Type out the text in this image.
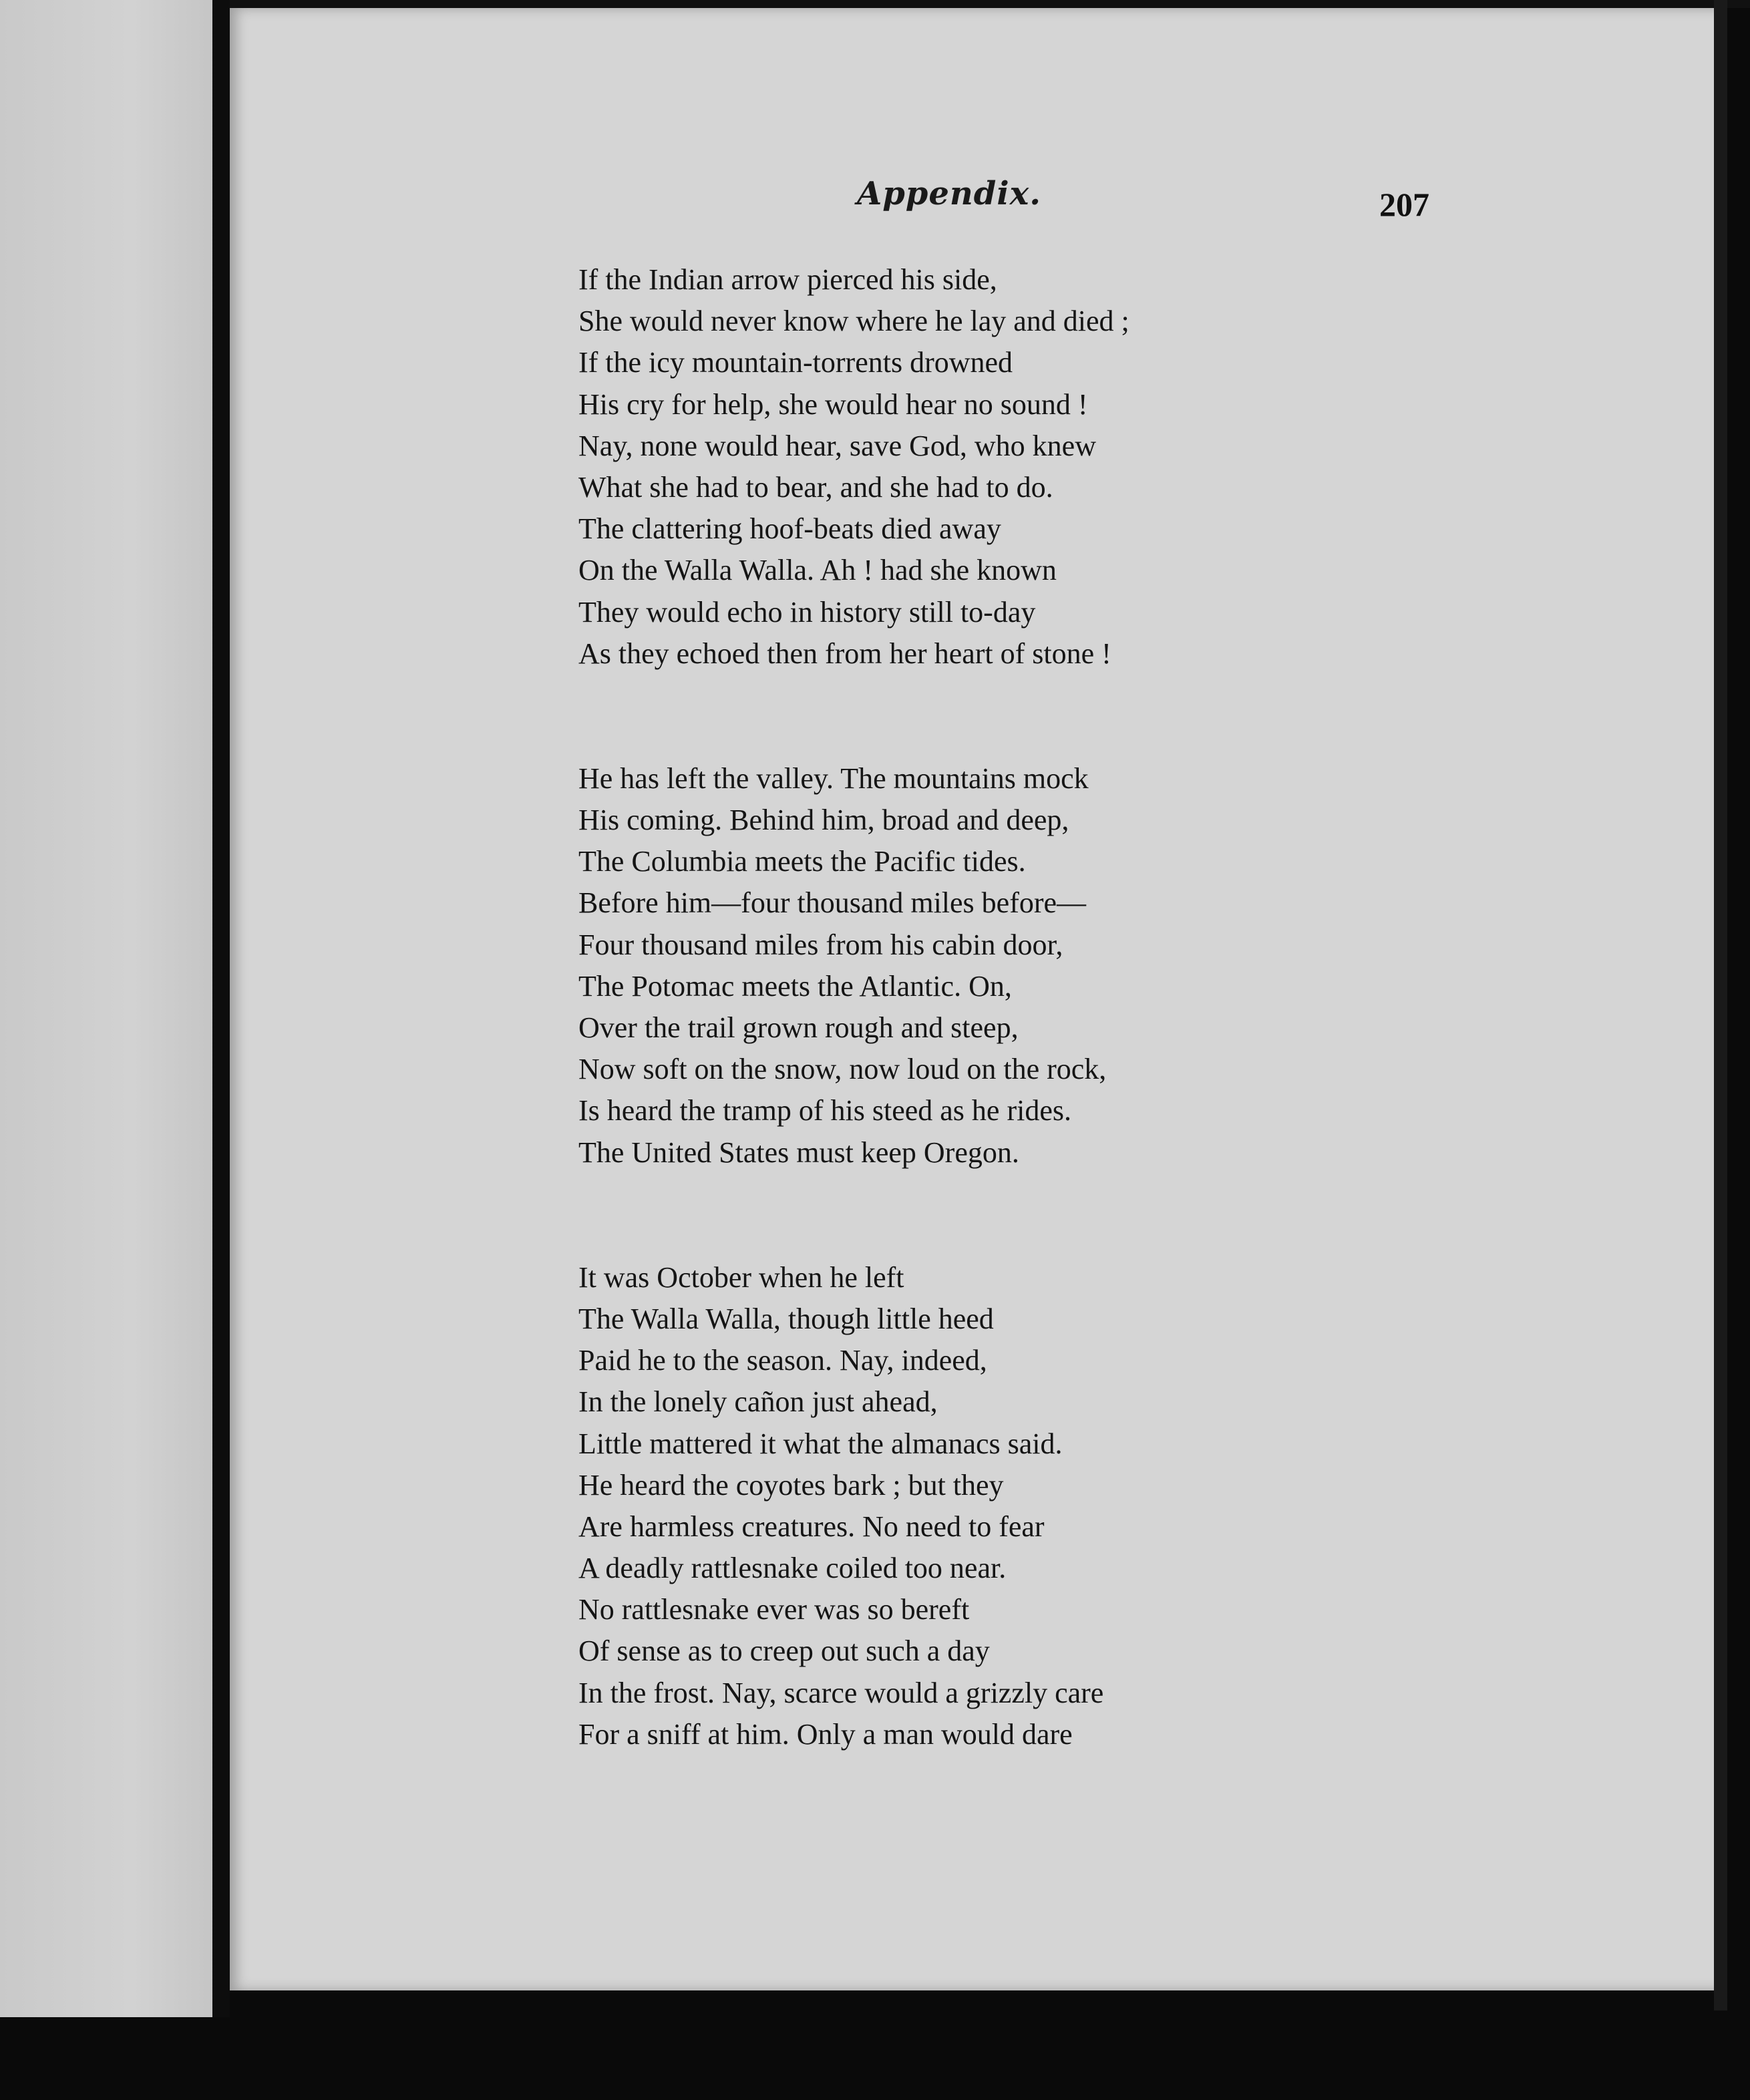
Appendix.	207
If the Indian arrow pierced his side,
She would never know where he lay and died ;
If the icy mountain-torrents drowned
His cry for help, she would hear no sound !
Nay, none would hear, save God, who knew
What she had to bear, and she had to do.
The clattering hoof-beats died away
On the Walla Walla. Ah ! had she known
They would echo in history still to-day
As they echoed then from her heart of stone !
He has left the valley. The mountains mock
His coming. Behind him, broad and deep,
The Columbia meets the Pacific tides.
Before him—four thousand miles before—
Four thousand miles from his cabin door,
The Potomac meets the Atlantic. On,
Over the trail grown rough and steep,
Now soft on the snow, now loud on the rock,
Is heard the tramp of his steed as he rides.
The United States must keep Oregon.
It was October when he left
The Walla Walla, though little heed
Paid he to the season. Nay, indeed,
In the lonely cañon just ahead,
Little mattered it what the almanacs said.
He heard the coyotes bark ; but they
Are harmless creatures. No need to fear
A deadly rattlesnake coiled too near.
No rattlesnake ever was so bereft
Of sense as to creep out such a day
In the frost. Nay, scarce would a grizzly care
For a sniff at him. Only a man would dare
